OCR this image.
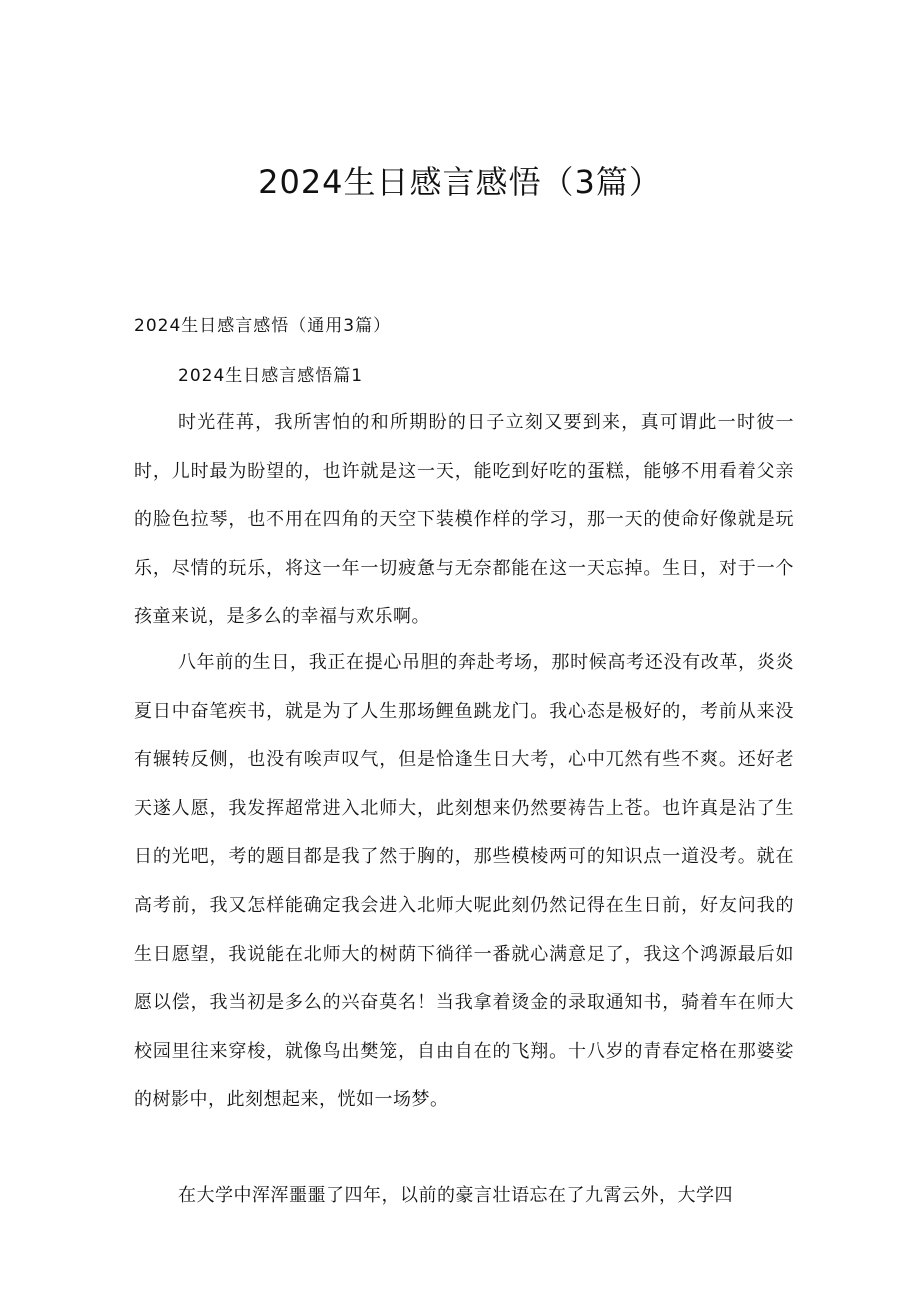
2024生日感言感悟（3篇）
2024生日感言感悟（通用3篇）
2024生日感言感悟篇1

时光荏苒，我所害怕的和所期盼的日子立刻又要到来，真可谓此一时彼一时，儿时最为盼望的，也许就是这一天，能吃到好吃的蛋糕，能够不用看着父亲的脸色拉琴，也不用在四角的天空下装模作样的学习，那一天的使命好像就是玩乐，尽情的玩乐，将这一年一切疲惫与无奈都能在这一天忘掉。生日，对于一个孩童来说，是多么的幸福与欢乐啊。

八年前的生日，我正在提心吊胆的奔赴考场，那时候高考还没有改革，炎炎夏日中奋笔疾书，就是为了人生那场鲤鱼跳龙门。我心态是极好的，考前从来没有辗转反侧，也没有唉声叹气，但是恰逢生日大考，心中兀然有些不爽。还好老天遂人愿，我发挥超常进入北师大，此刻想来仍然要祷告上苍。也许真是沾了生日的光吧，考的题目都是我了然于胸的，那些模棱两可的知识点一道没考。就在高考前，我又怎样能确定我会进入北师大呢此刻仍然记得在生日前，好友问我的生日愿望，我说能在北师大的树荫下徜徉一番就心满意足了，我这个鸿源最后如愿以偿，我当初是多么的兴奋莫名！当我拿着烫金的录取通知书，骑着车在师大校园里往来穿梭，就像鸟出樊笼，自由自在的飞翔。十八岁的青春定格在那婆娑的树影中，此刻想起来，恍如一场梦。

在大学中浑浑噩噩了四年，以前的豪言壮语忘在了九霄云外，大学四
